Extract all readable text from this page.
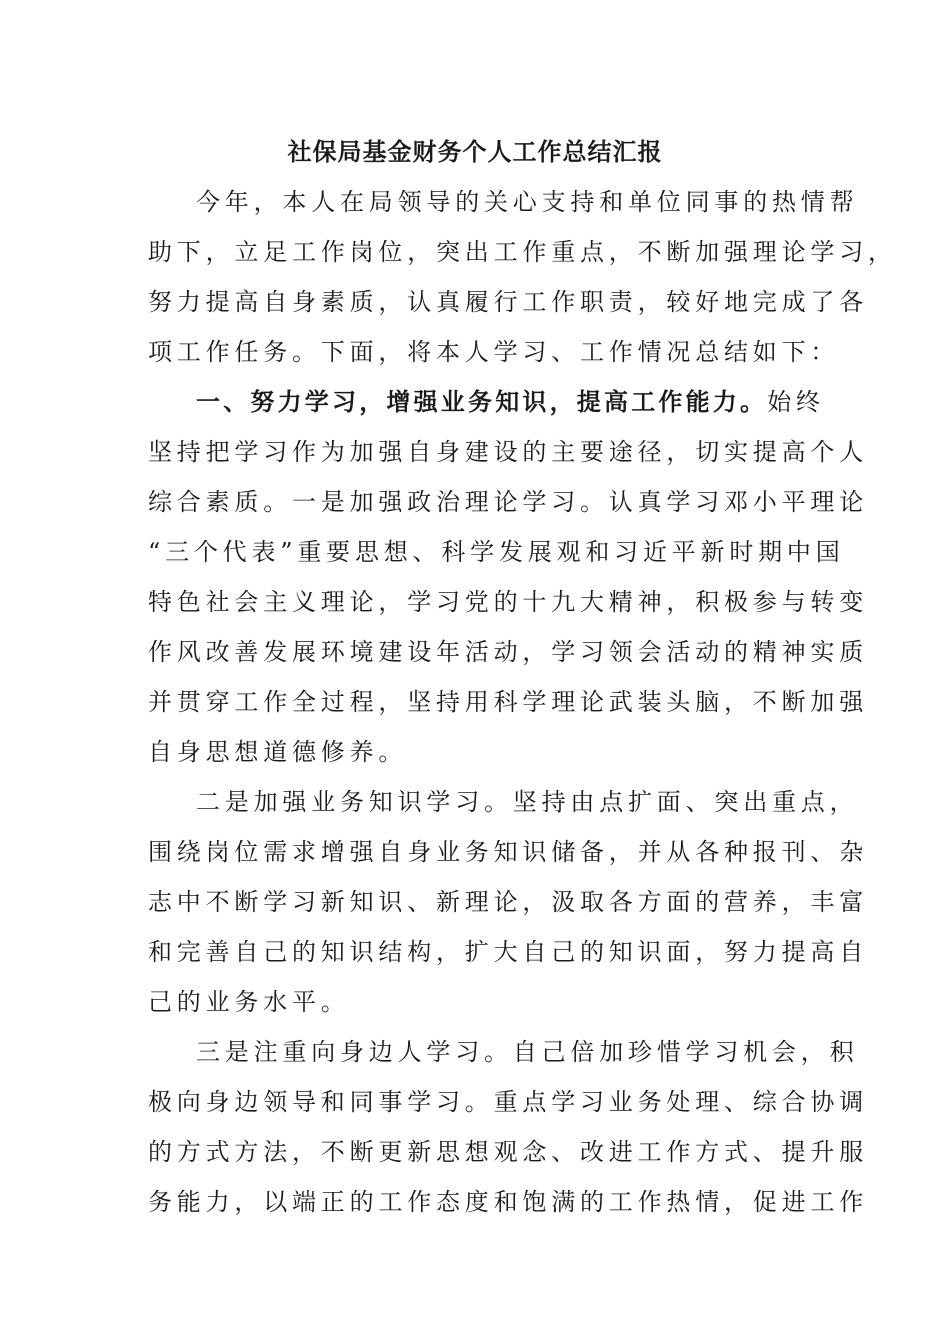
社保局基金财务个人工作总结汇报
今年，本人在局领导的关心支持和单位同事的热情帮
助下，立足工作岗位，突出工作重点，不断加强理论学习，
努力提高自身素质，认真履行工作职责，较好地完成了各
项工作任务。下面，将本人学习、工作情况总结如下：
一、努力学习，增强业务知识，提高工作能力。始终
坚持把学习作为加强自身建设的主要途径，切实提高个人
综合素质。一是加强政治理论学习。认真学习邓小平理论
“三个代表”重要思想、科学发展观和习近平新时期中国
特色社会主义理论，学习党的十九大精神，积极参与转变
作风改善发展环境建设年活动，学习领会活动的精神实质
并贯穿工作全过程，坚持用科学理论武装头脑，不断加强
自身思想道德修养。
二是加强业务知识学习。坚持由点扩面、突出重点，
围绕岗位需求增强自身业务知识储备，并从各种报刊、杂
志中不断学习新知识、新理论，汲取各方面的营养，丰富
和完善自己的知识结构，扩大自己的知识面，努力提高自
己的业务水平。
三是注重向身边人学习。自己倍加珍惜学习机会，积
极向身边领导和同事学习。重点学习业务处理、综合协调
的方式方法，不断更新思想观念、改进工作方式、提升服
务能力，以端正的工作态度和饱满的工作热情，促进工作
